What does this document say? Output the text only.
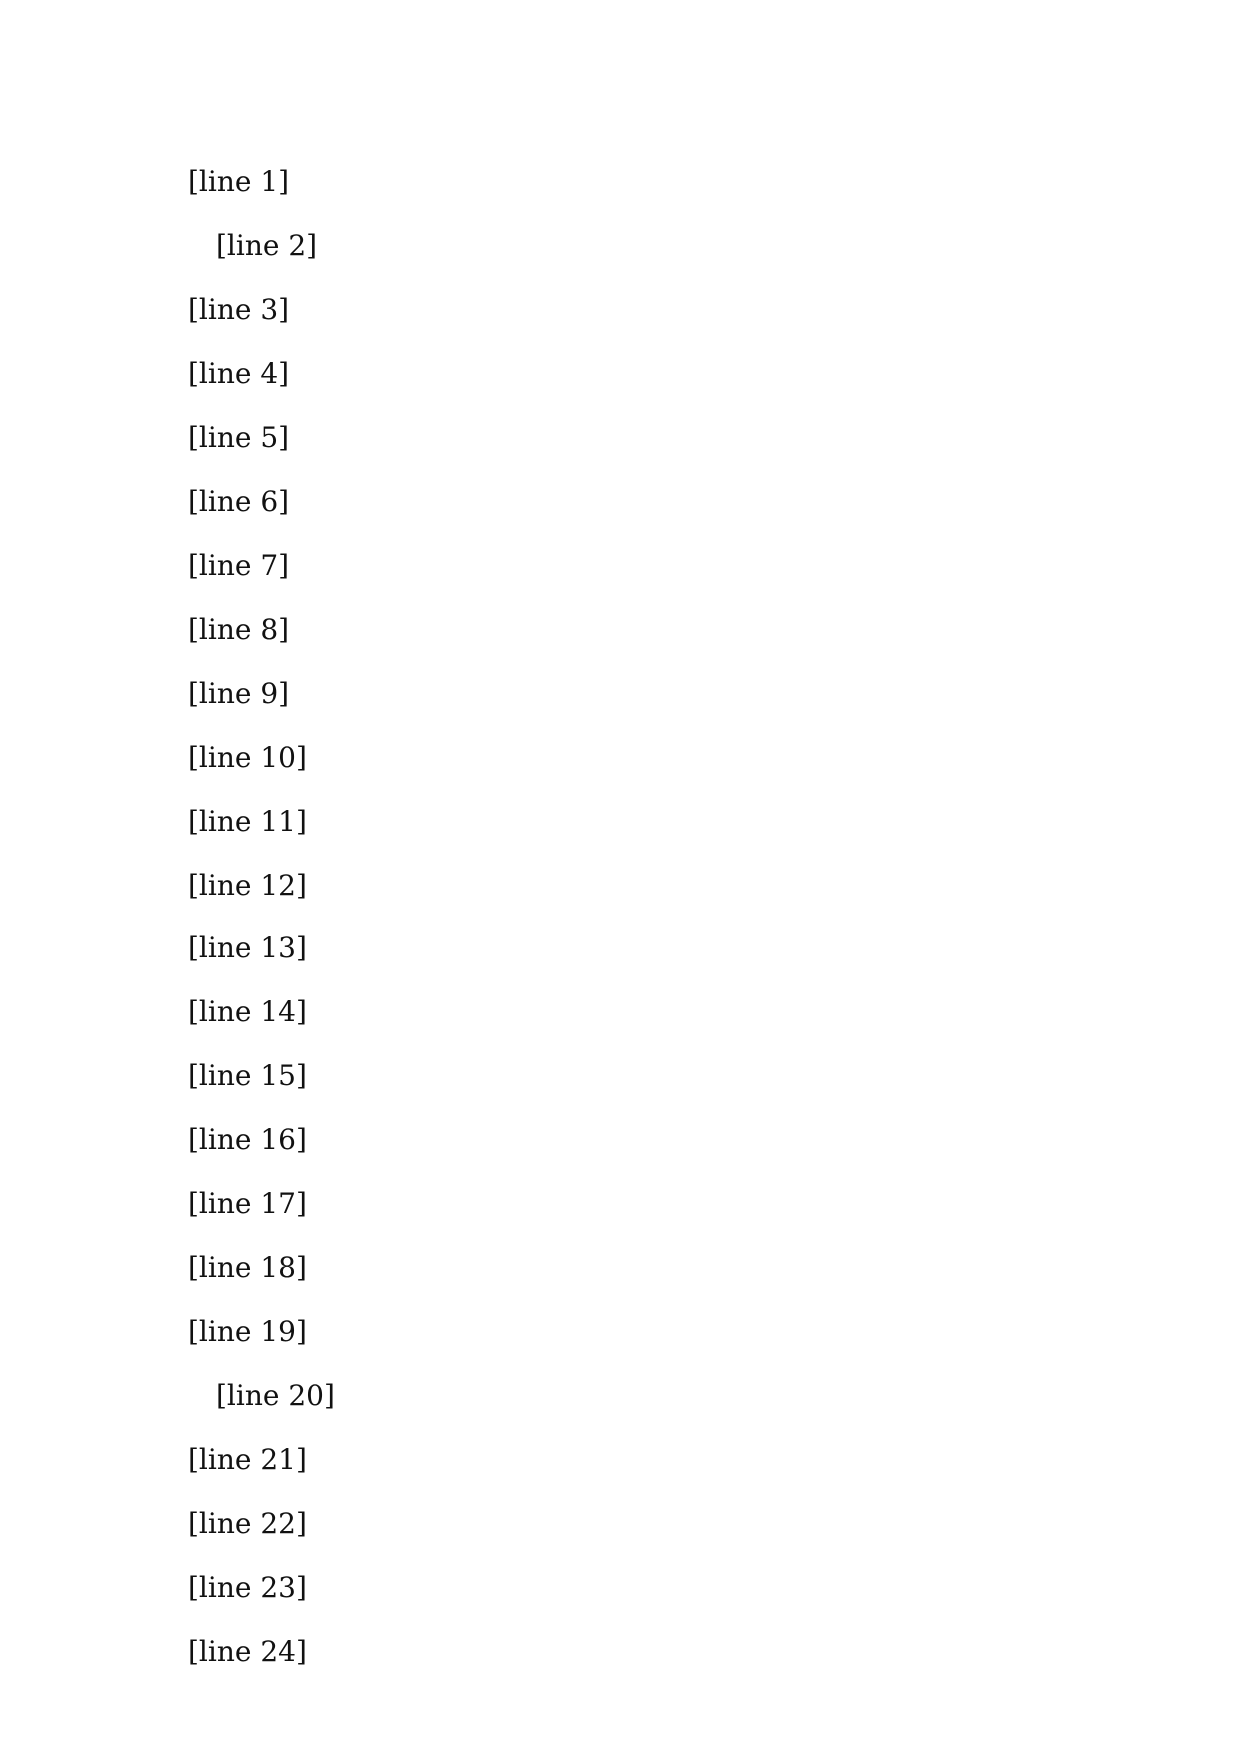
[line 1]
[line 2]
[line 3]
[line 4]
[line 5]
[line 6]
[line 7]
[line 8]
[line 9]
[line 10]
[line 11]
[line 12]
[line 13]
[line 14]
[line 15]
[line 16]
[line 17]
[line 18]
[line 19]
[line 20]
[line 21]
[line 22]
[line 23]
[line 24]
